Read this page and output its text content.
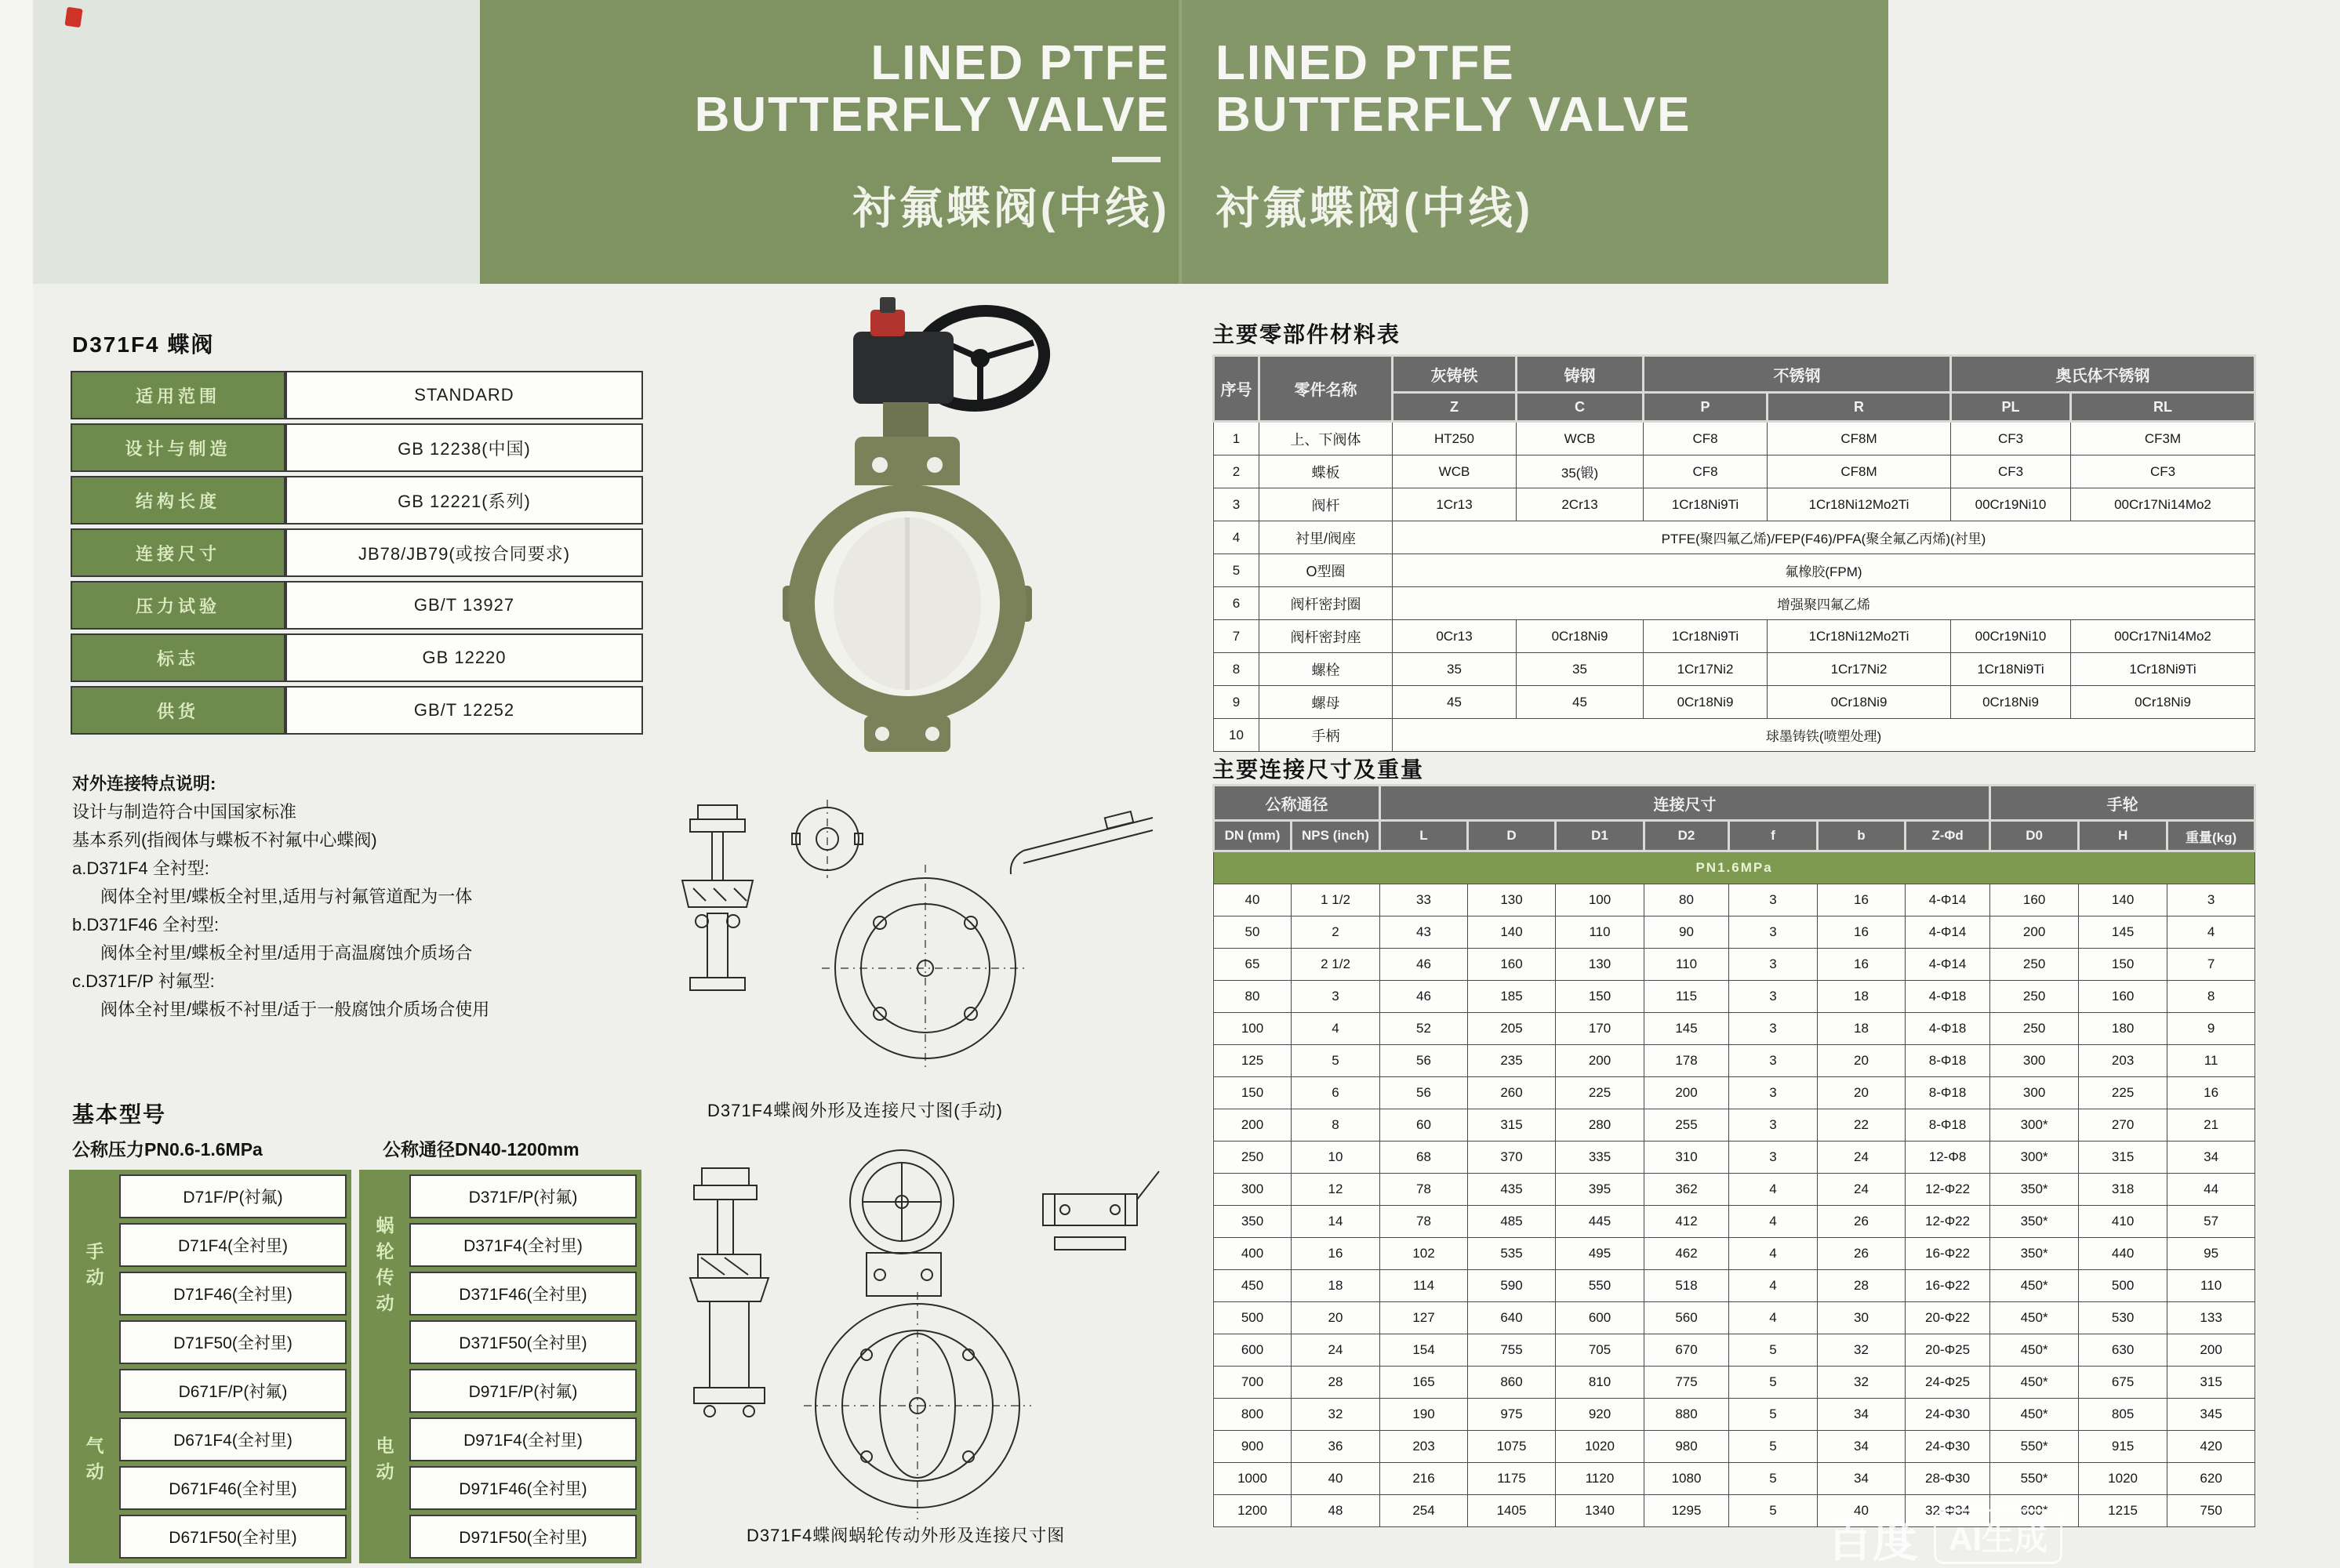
LINED PTFE
BUTTERFLY VALVE
衬氟蝶阀(中线)
LINED PTFE
BUTTERFLY VALVE
衬氟蝶阀(中线)
D371F4 蝶阀
适用范围	STANDARD
设计与制造	GB 12238(中国)
结构长度	GB 12221(系列)
连接尺寸	JB78/JB79(或按合同要求)
压力试验	GB/T 13927
标志	GB 12220
供货	GB/T 12252
对外连接特点说明:
设计与制造符合中国国家标准
基本系列(指阀体与蝶板不衬氟中心蝶阀)
a.D371F4 全衬型:
阀体全衬里/蝶板全衬里,适用与衬氟管道配为一体
b.D371F46 全衬型:
阀体全衬里/蝶板全衬里/适用于高温腐蚀介质场合
c.D371F/P 衬氟型:
阀体全衬里/蝶板不衬里/适于一般腐蚀介质场合使用
基本型号
公称压力PN0.6-1.6MPa	公称通径DN40-1200mm
手动	D71F/P(衬氟)
	D71F4(全衬里)
	D71F46(全衬里)
	D71F50(全衬里)
气动	D671F/P(衬氟)
	D671F4(全衬里)
	D671F46(全衬里)
	D671F50(全衬里)
蜗轮传动	D371F/P(衬氟)
	D371F4(全衬里)
	D371F46(全衬里)
	D371F50(全衬里)
电动	D971F/P(衬氟)
	D971F4(全衬里)
	D971F46(全衬里)
	D971F50(全衬里)
D371F4蝶阀外形及连接尺寸图(手动)
D371F4蝶阀蜗轮传动外形及连接尺寸图
主要零部件材料表
序号	零件名称	灰铸铁	铸钢	不锈钢		奥氏体不锈钢	
		Z	C	P	R	PL	RL
1	上、下阀体	HT250	WCB	CF8	CF8M	CF3	CF3M
2	蝶板	WCB	35(锻)	CF8	CF8M	CF3	CF3
3	阀杆	1Cr13	2Cr13	1Cr18Ni9Ti	1Cr18Ni12Mo2Ti	00Cr19Ni10	00Cr17Ni14Mo2
4	衬里/阀座	PTFE(聚四氟乙烯)/FEP(F46)/PFA(聚全氟乙丙烯)(衬里)					
5	O型圈	氟橡胶(FPM)					
6	阀杆密封圈	增强聚四氟乙烯					
7	阀杆密封座	0Cr13	0Cr18Ni9	1Cr18Ni9Ti	1Cr18Ni12Mo2Ti	00Cr19Ni10	00Cr17Ni14Mo2
8	螺栓	35	35	1Cr17Ni2	1Cr17Ni2	1Cr18Ni9Ti	1Cr18Ni9Ti
9	螺母	45	45	0Cr18Ni9	0Cr18Ni9	0Cr18Ni9	0Cr18Ni9
10	手柄	球墨铸铁(喷塑处理)					
主要连接尺寸及重量
公称通径		连接尺寸							手轮		
DN (mm)	NPS (inch)	L	D	D1	D2	f	b	Z-Φd	D0	H	重量(kg)
PN1.6MPa											
40	1 1/2	33	130	100	80	3	16	4-Φ14	160	140	3
50	2	43	140	110	90	3	16	4-Φ14	200	145	4
65	2 1/2	46	160	130	110	3	16	4-Φ14	250	150	7
80	3	46	185	150	115	3	18	4-Φ18	250	160	8
100	4	52	205	170	145	3	18	4-Φ18	250	180	9
125	5	56	235	200	178	3	20	8-Φ18	300	203	11
150	6	56	260	225	200	3	20	8-Φ18	300	225	16
200	8	60	315	280	255	3	22	8-Φ18	300*	270	21
250	10	68	370	335	310	3	24	12-Φ8	300*	315	34
300	12	78	435	395	362	4	24	12-Φ22	350*	318	44
350	14	78	485	445	412	4	26	12-Φ22	350*	410	57
400	16	102	535	495	462	4	26	16-Φ22	350*	440	95
450	18	114	590	550	518	4	28	16-Φ22	450*	500	110
500	20	127	640	600	560	4	30	20-Φ22	450*	530	133
600	24	154	755	705	670	5	32	20-Φ25	450*	630	200
700	28	165	860	810	775	5	32	24-Φ25	450*	675	315
800	32	190	975	920	880	5	34	24-Φ30	450*	805	345
900	36	203	1075	1020	980	5	34	24-Φ30	550*	915	420
1000	40	216	1175	1120	1080	5	34	28-Φ30	550*	1020	620
1200	48	254	1405	1340	1295	5	40	32-Φ34	600*	1215	750
百度 AI生成
